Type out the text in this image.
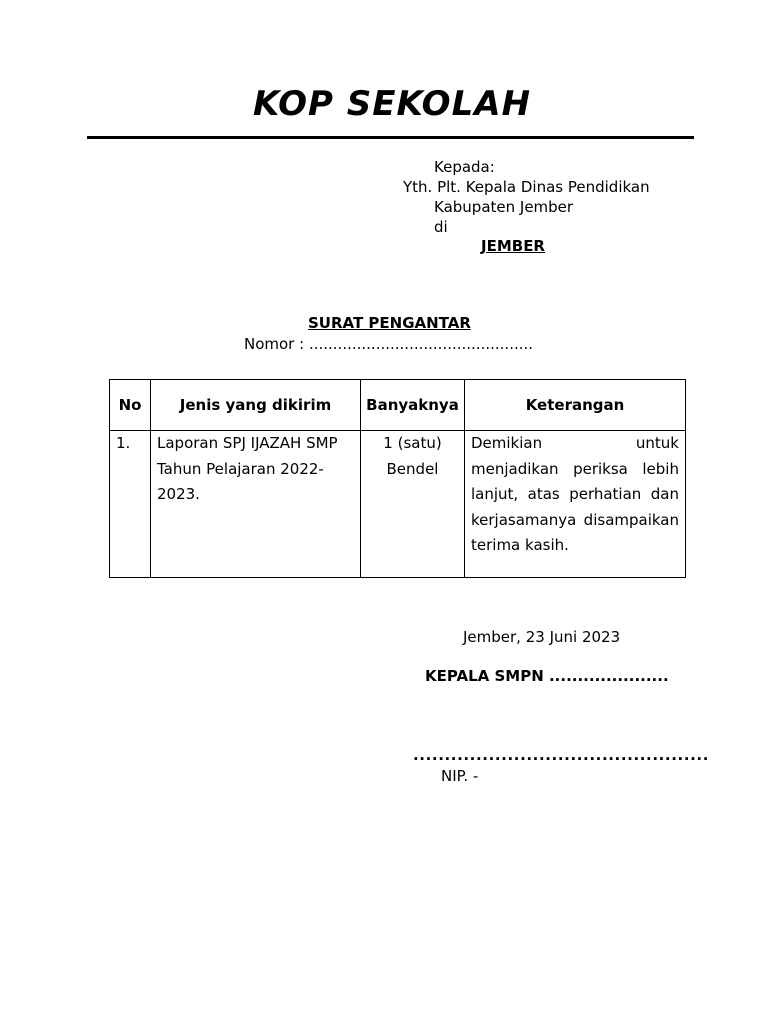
KOP SEKOLAH
Kepada:
Yth. Plt. Kepala Dinas Pendidikan
Kabupaten Jember
di
JEMBER
SURAT PENGANTAR
Nomor : ...............................................
No	Jenis yang dikirim	Banyaknya	Keterangan
1.	Laporan SPJ IJAZAH SMP Tahun Pelajaran 2022-2023.	1 (satu) Bendel	Demikian untuk menjadikan periksa lebih lanjut, atas perhatian dan kerjasamanya disampaikan terima kasih.
Jember, 23 Juni 2023
KEPALA SMPN .....................
...............................................
NIP. -
